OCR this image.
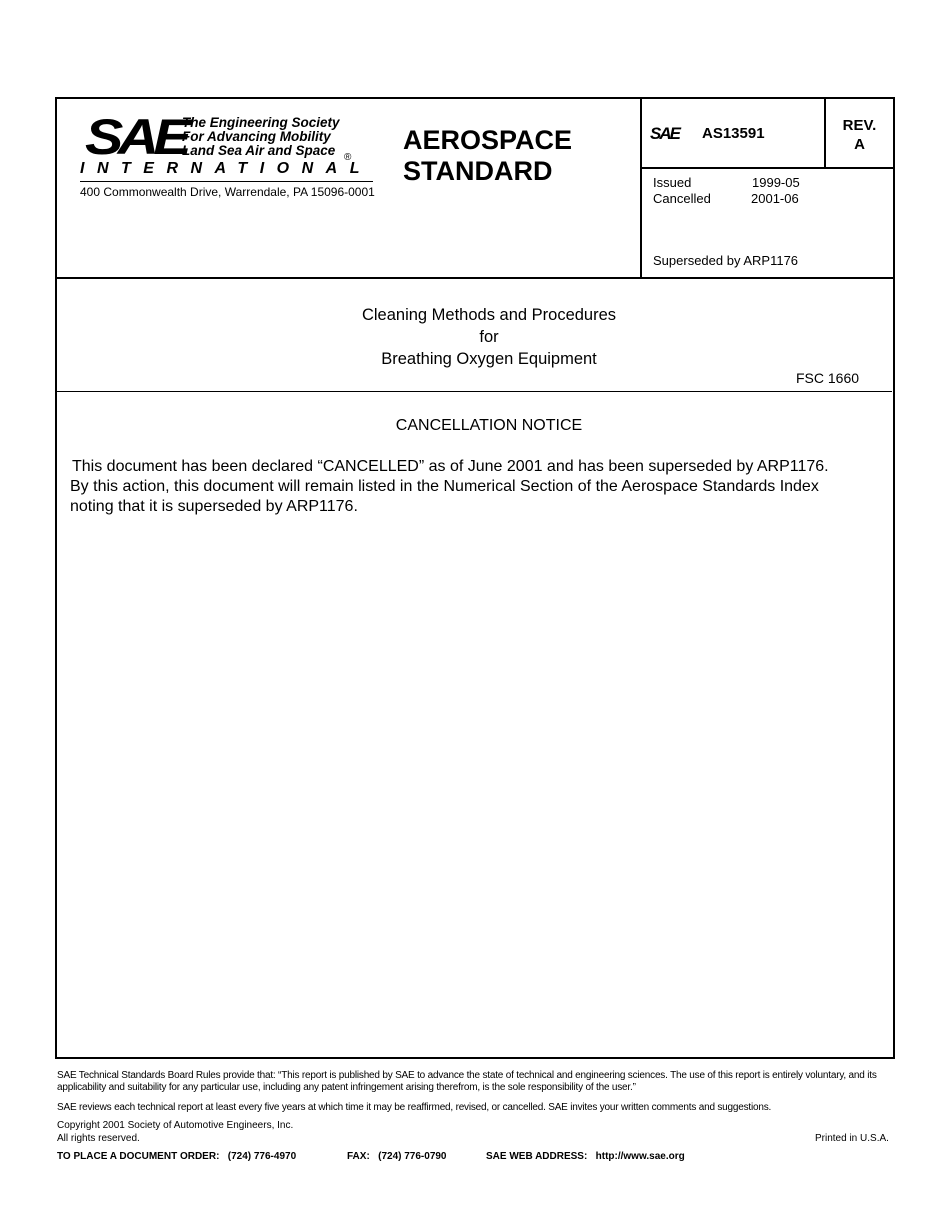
SAE
The Engineering Society
For Advancing Mobility
Land Sea Air and Space ®
INTERNATIONAL
400 Commonwealth Drive, Warrendale, PA 15096-0001
AEROSPACE
STANDARD
SAE AS13591	REV.
A
Issued	1999-05
Cancelled	2001-06
Superseded by ARP1176
Cleaning Methods and Procedures
for
Breathing Oxygen Equipment
FSC 1660
CANCELLATION NOTICE
This document has been declared “CANCELLED” as of June 2001 and has been superseded by ARP1176. By this action, this document will remain listed in the Numerical Section of the Aerospace Standards Index noting that it is superseded by ARP1176.
SAE Technical Standards Board Rules provide that: “This report is published by SAE to advance the state of technical and engineering sciences. The use of this report is entirely voluntary, and its applicability and suitability for any particular use, including any patent infringement arising therefrom, is the sole responsibility of the user.”
SAE reviews each technical report at least every five years at which time it may be reaffirmed, revised, or cancelled. SAE invites your written comments and suggestions.
Copyright 2001 Society of Automotive Engineers, Inc.
All rights reserved.	Printed in U.S.A.
TO PLACE A DOCUMENT ORDER:   (724) 776-4970	FAX:   (724) 776-0790	SAE WEB ADDRESS:   http://www.sae.org
